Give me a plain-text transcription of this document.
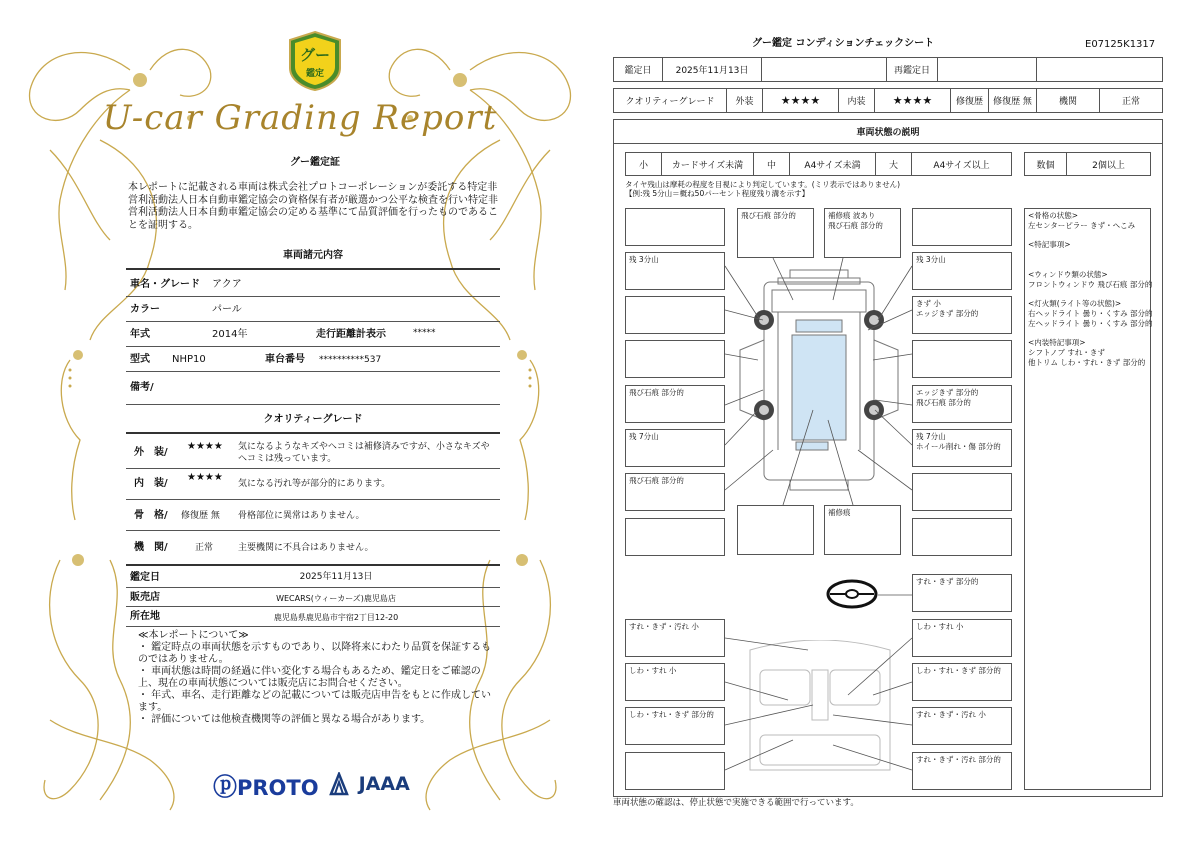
グー
鑑定
U-car Grading Report
グー鑑定証
本レポートに記載される車両は株式会社プロトコーポレーションが委託する特定非営利活動法人日本自動車鑑定協会の資格保有者が厳選かつ公平な検査を行い特定非営利活動法人日本自動車鑑定協会の定める基準にて品質評価を行ったものであることを証明する。
車両諸元内容
車名・グレード アクア
カラー	パール
年式	2014年	走行距離計表示	*****
型式 NHP10	車台番号 **********537
備考/
クオリティーグレード
外　装/
★★★★ 気になるようなキズやヘコミは補修済みですが、小さなキズやヘコミは残っています。
内　装/
★★★★
気になる汚れ等が部分的にあります。
骨　格/ 修復歴 無 骨格部位に異常はありません。
機　関/	正常	主要機関に不具合はありません。
鑑定日	2025年11月13日
販売店	WECARS(ウィーカーズ)鹿児島店
所在地	鹿児島県鹿児島市宇宿2丁目12-20
≪本レポートについて≫
・ 鑑定時点の車両状態を示すものであり、以降将来にわたり品質を保証するものではありません。
・ 車両状態は時間の経過に伴い変化する場合もあるため、鑑定日をご確認の上、現在の車両状態については販売店にお問合せください。
・ 年式、車名、走行距離などの記載については販売店申告をもとに作成しています。
・ 評価については他検査機関等の評価と異なる場合があります。
ⓟPROTO JAAA
グー鑑定 コンディションチェックシート	E07125K1317
鑑定日	2025年11月13日	再鑑定日
クオリティーグレード	外装	★★★★	内装	★★★★	修復歴	修復歴 無	機関	正常
車両状態の説明
小	カードサイズ未満	中	A4サイズ未満	大	A4サイズ以上	数個	2個以上
タイヤ残山は摩耗の程度を目視により判定しています。(ミリ表示ではありません)
【例:残 5分山＝概ね50パーセント程度残り溝を示す】
<骨格の状態>
左センターピラー きず・へこみ

<特記事項>

<ウィンドウ類の状態>
フロントウィンドウ 飛び石痕 部分的

<灯火類(ライト等の状態)>
右ヘッドライト 曇り・くすみ 部分的
左ヘッドライト 曇り・くすみ 部分的

<内装特記事項>
シフトノブ すれ・きず
他トリム しわ・すれ・きず 部分的
飛び石痕 部分的	補修痕 波あり
飛び石痕 部分的
残 3分山	残 3分山
きず 小
エッジきず 部分的
飛び石痕 部分的	エッジきず 部分的
飛び石痕 部分的
残 7分山	残 7分山
ホイール削れ・傷 部分的
飛び石痕 部分的
補修痕
すれ・きず 部分的
すれ・きず・汚れ 小	しわ・すれ 小
しわ・すれ 小	しわ・すれ・きず 部分的
しわ・すれ・きず 部分的	すれ・きず・汚れ 小
すれ・きず・汚れ 部分的
車両状態の確認は、停止状態で実施できる範囲で行っています。
